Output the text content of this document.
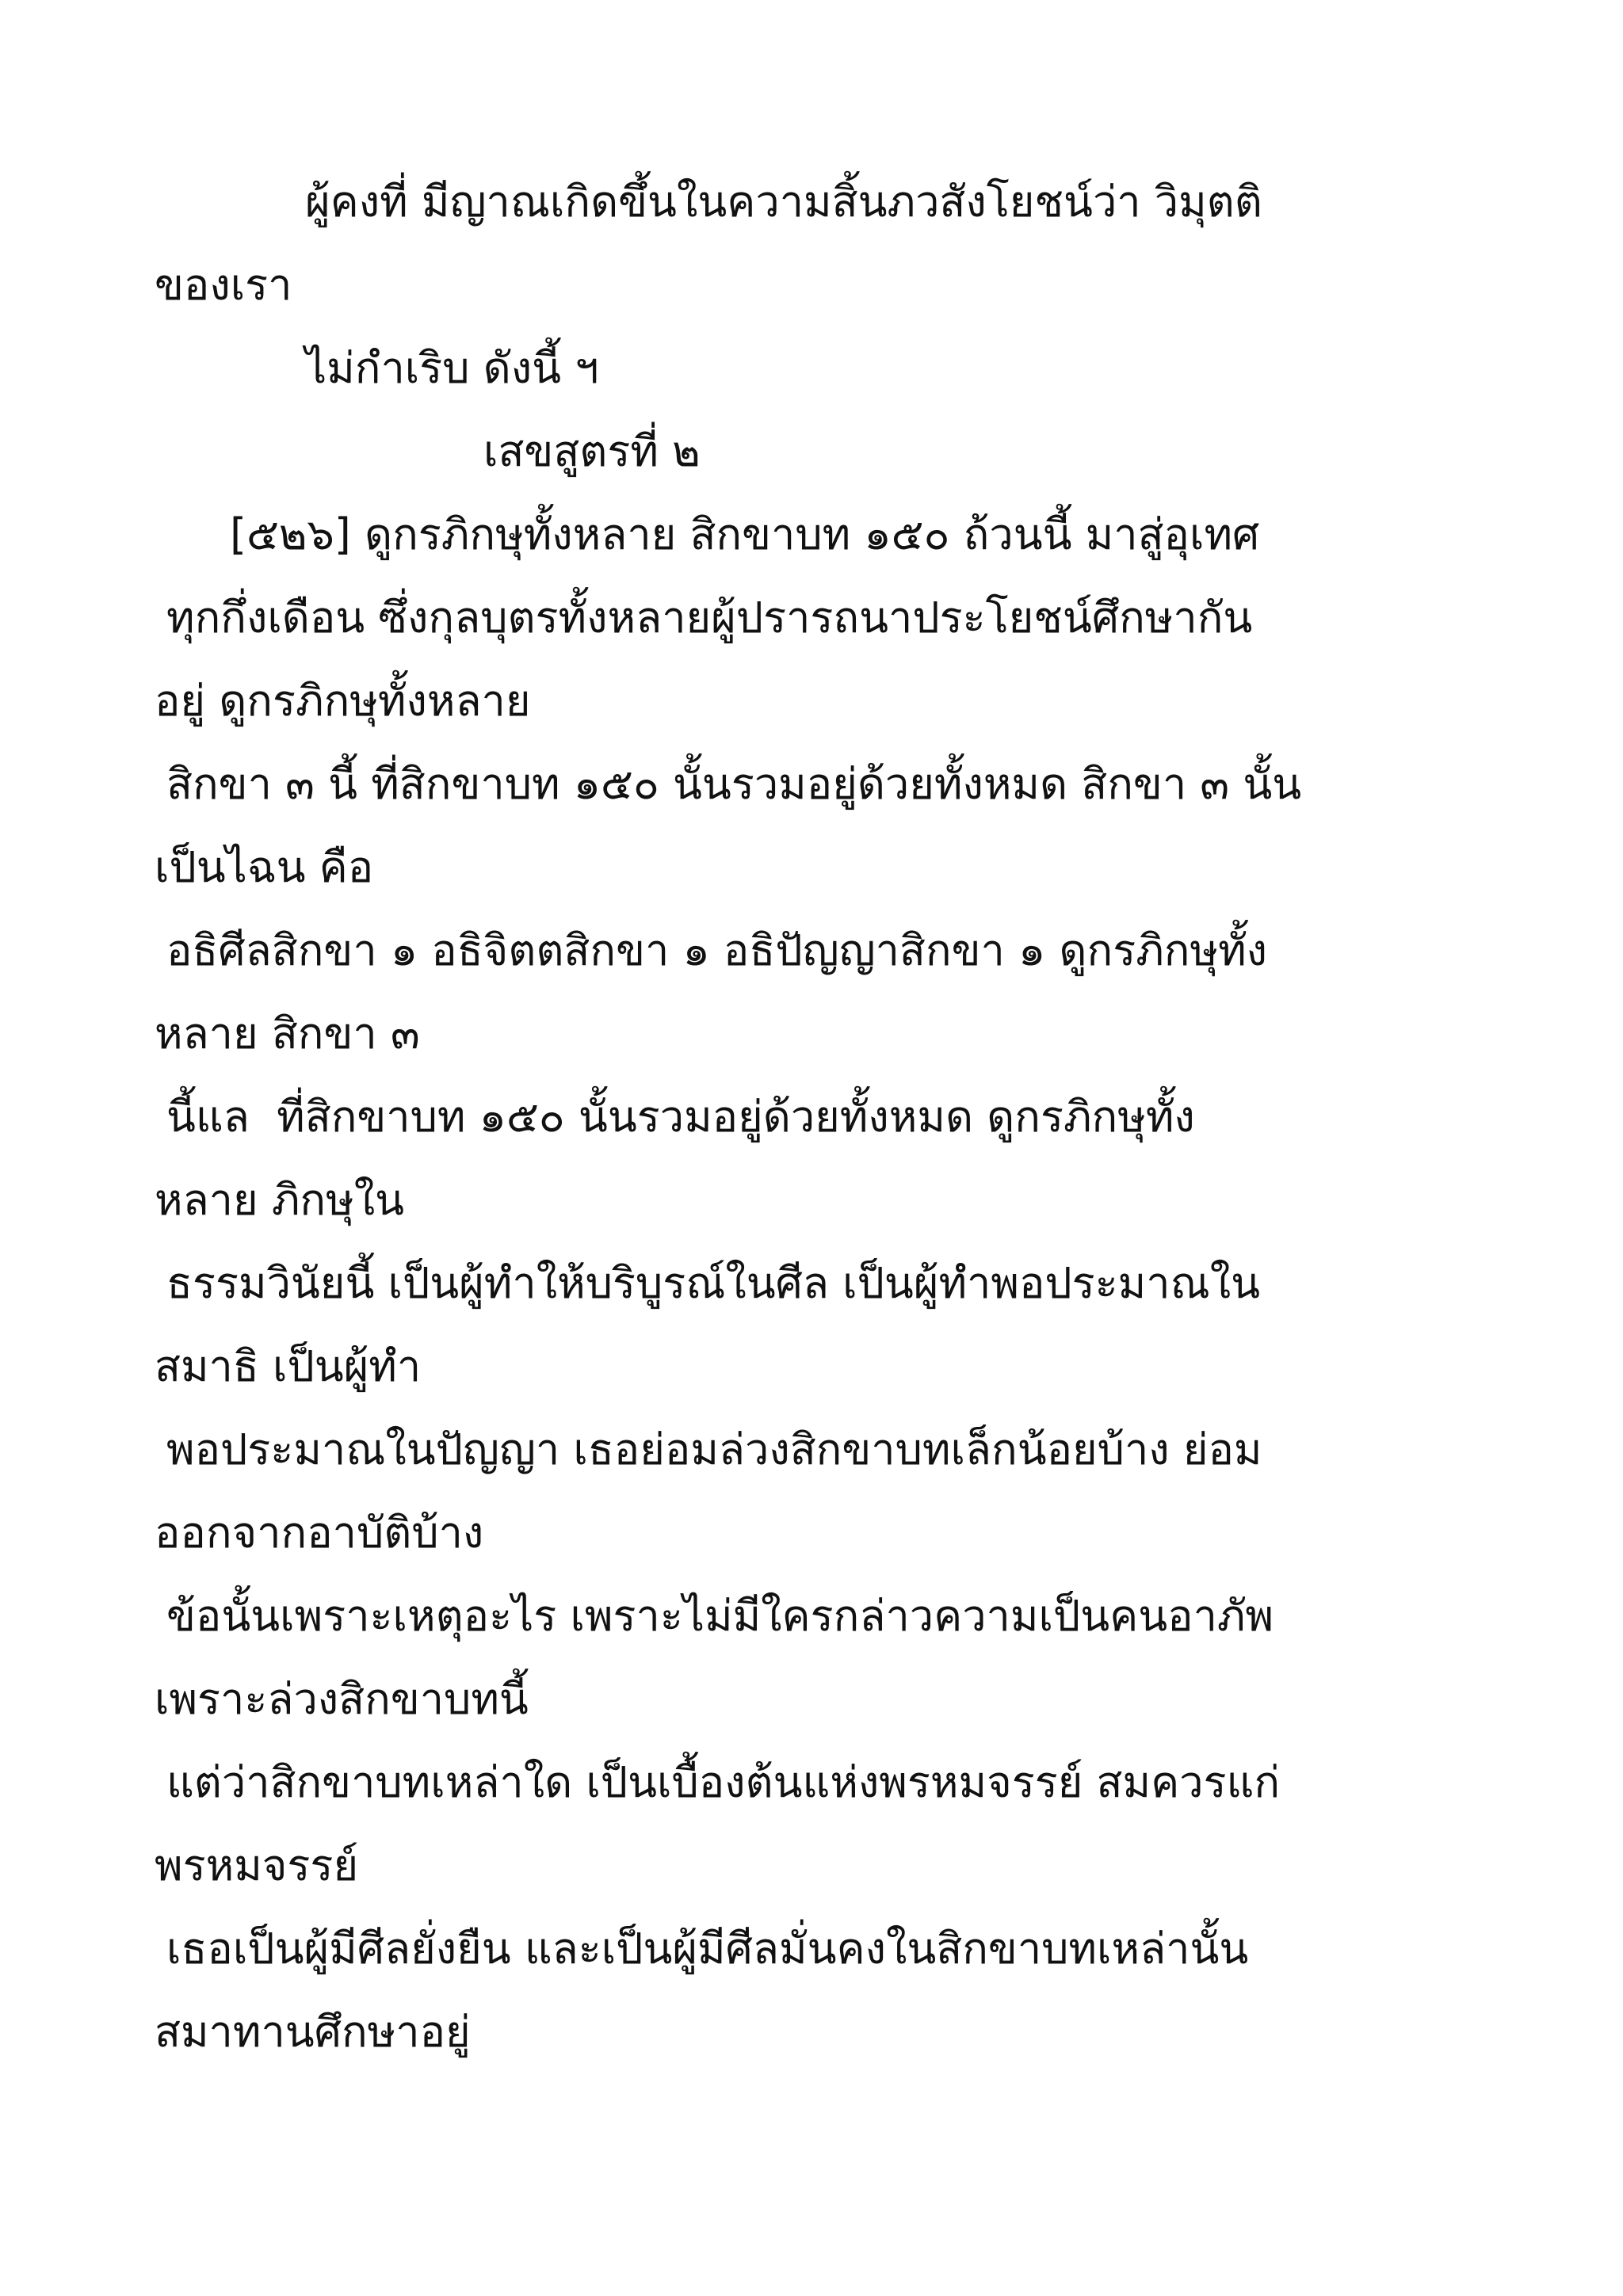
ผู้คงที่ มีญาณเกิดขึ้นในความสิ้นภวสังโยชน์ว่า วิมุตติ
ของเรา
ไม่กำเริบ ดังนี้ ฯ
เสขสูตรที่ ๒
[๕๒๖] ดูกรภิกษุทั้งหลาย สิกขาบท ๑๕๐ ถ้วนนี้ มาสู่อุเทศ
ทุกกึ่งเดือน ซึ่งกุลบุตรทั้งหลายผู้ปรารถนาประโยชน์ศึกษากัน
อยู่ ดูกรภิกษุทั้งหลาย
สิกขา ๓ นี้ ที่สิกขาบท ๑๕๐ นั้นรวมอยู่ด้วยทั้งหมด สิกขา ๓ นั้น
เป็นไฉน คือ
อธิศีลสิกขา ๑ อธิจิตตสิกขา ๑ อธิปัญญาสิกขา ๑ ดูกรภิกษุทั้ง
หลาย สิกขา ๓
นี้แล  ที่สิกขาบท ๑๕๐ นั้นรวมอยู่ด้วยทั้งหมด ดูกรภิกษุทั้ง
หลาย ภิกษุใน
ธรรมวินัยนี้ เป็นผู้ทำให้บริบูรณ์ในศีล เป็นผู้ทำพอประมาณใน
สมาธิ เป็นผู้ทำ
พอประมาณในปัญญา เธอย่อมล่วงสิกขาบทเล็กน้อยบ้าง ย่อม
ออกจากอาบัติบ้าง
ข้อนั้นเพราะเหตุอะไร เพราะไม่มีใครกล่าวความเป็นคนอาภัพ
เพราะล่วงสิกขาบทนี้
แต่ว่าสิกขาบทเหล่าใด เป็นเบื้องต้นแห่งพรหมจรรย์ สมควรแก่
พรหมจรรย์
เธอเป็นผู้มีศีลยั่งยืน และเป็นผู้มีศีลมั่นคงในสิกขาบทเหล่านั้น
สมาทานศึกษาอยู่
